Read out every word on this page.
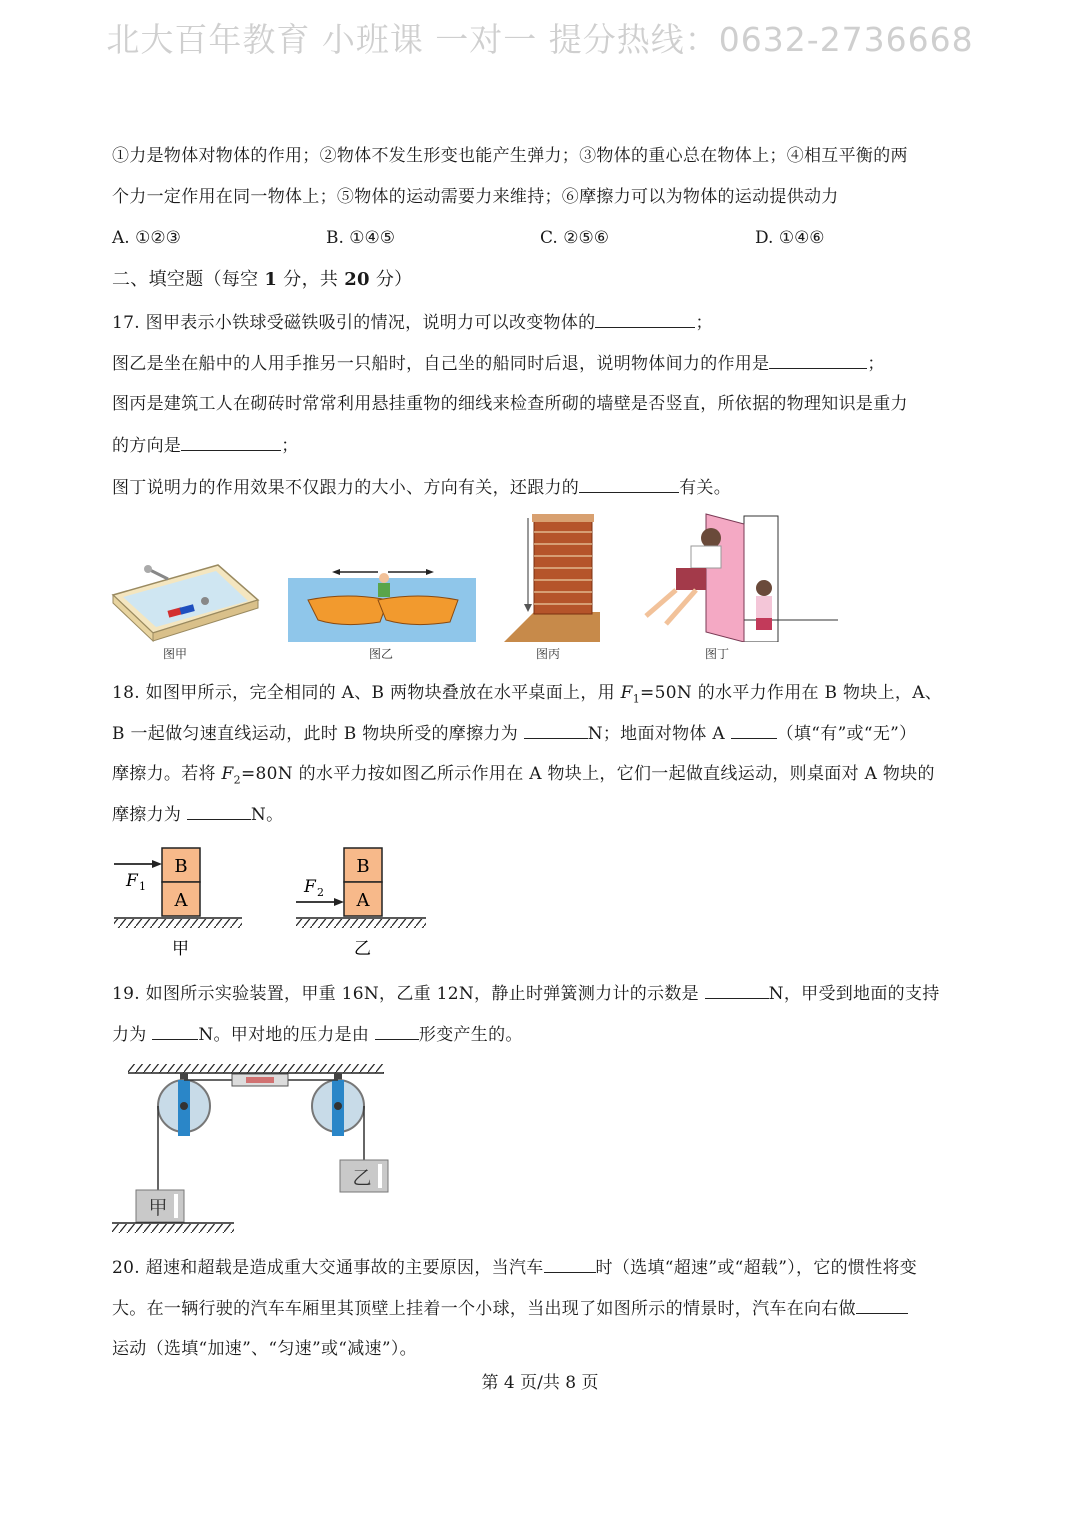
北大百年教育 小班课 一对一 提分热线：0632-2736668
①力是物体对物体的作用；②物体不发生形变也能产生弹力；③物体的重心总在物体上；④相互平衡的两
个力一定作用在同一物体上；⑤物体的运动需要力来维持；⑥摩擦力可以为物体的运动提供动力
A. ①②③	B. ①④⑤	C. ②⑤⑥	D. ①④⑥
二、填空题（每空 1 分，共 20 分）
17. 图甲表示小铁球受磁铁吸引的情况，说明力可以改变物体的	；
图乙是坐在船中的人用手推另一只船时，自己坐的船同时后退，说明物体间力的作用是	；
图丙是建筑工人在砌砖时常常利用悬挂重物的细线来检查所砌的墙壁是否竖直，所依据的物理知识是重力
的方向是	；
图丁说明力的作用效果不仅跟力的大小、方向有关，还跟力的	有关。
图甲	图乙	图丙	图丁
18. 如图甲所示，完全相同的 A、B 两物块叠放在水平桌面上，用 $F_1=50N$ 的水平力作用在 B 物块上，A、
B 一起做匀速直线运动，此时 B 物块所受的摩擦力为	N；地面对物体 A	（填“有”或“无”）
摩擦力。若将 $F_2=80N$ 的水平力按如图乙所示作用在 A 物块上，它们一起做直线运动，则桌面对 A 物块的
摩擦力为	N。
B
A
F 1
甲
B
A
F 2
乙
19. 如图所示实验装置，甲重 16N，乙重 12N，静止时弹簧测力计的示数是	N，甲受到地面的支持
力为	N。甲对地的压力是由	形变产生的。
甲
乙
20. 超速和超载是造成重大交通事故的主要原因，当汽车	时（选填“超速”或“超载”），它的惯性将变
大。在一辆行驶的汽车车厢里其顶壁上挂着一个小球，当出现了如图所示的情景时，汽车在向右做
运动（选填“加速”、“匀速”或“减速”）。
第 4 页/共 8 页
